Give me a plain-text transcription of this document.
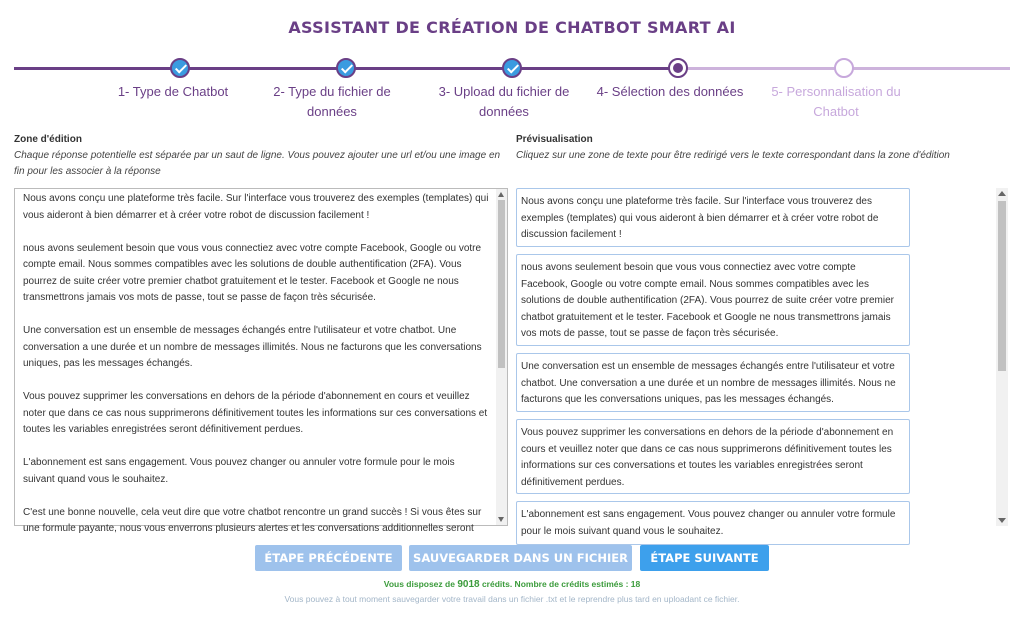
ASSISTANT DE CRÉATION DE CHATBOT SMART AI
1- Type de Chatbot	2- Type du fichier de données
3- Upload du fichier de données
4- Sélection des données	5- Personnalisation du Chatbot
Zone d'édition
Chaque réponse potentielle est séparée par un saut de ligne. Vous pouvez ajouter une url et/ou une image en fin pour les associer à la réponse
Prévisualisation
Cliquez sur une zone de texte pour être redirigé vers le texte correspondant dans la zone d'édition
Nous avons conçu une plateforme très facile. Sur l'interface vous trouverez des exemples (templates) qui vous aideront à bien démarrer et à créer votre robot de discussion facilement !

nous avons seulement besoin que vous vous connectiez avec votre compte Facebook, Google ou votre compte email. Nous sommes compatibles avec les solutions de double authentification (2FA). Vous pourrez de suite créer votre premier chatbot gratuitement et le tester. Facebook et Google ne nous transmettrons jamais vos mots de passe, tout se passe de façon très sécurisée.

Une conversation est un ensemble de messages échangés entre l'utilisateur et votre chatbot. Une conversation a une durée et un nombre de messages illimités. Nous ne facturons que les conversations uniques, pas les messages échangés.

Vous pouvez supprimer les conversations en dehors de la période d'abonnement en cours et veuillez noter que dans ce cas nous supprimerons définitivement toutes les informations sur ces conversations et toutes les variables enregistrées seront définitivement perdues.

L'abonnement est sans engagement. Vous pouvez changer ou annuler votre formule pour le mois suivant quand vous le souhaitez.

C'est une bonne nouvelle, cela veut dire que votre chatbot rencontre un grand succès ! Si vous êtes sur une formule payante, nous vous enverrons plusieurs alertes et les conversations additionnelles seront
Nous avons conçu une plateforme très facile. Sur l'interface vous trouverez des exemples (templates) qui vous aideront à bien démarrer et à créer votre robot de discussion facilement !
nous avons seulement besoin que vous vous connectiez avec votre compte Facebook, Google ou votre compte email. Nous sommes compatibles avec les solutions de double authentification (2FA). Vous pourrez de suite créer votre premier chatbot gratuitement et le tester. Facebook et Google ne nous transmettrons jamais vos mots de passe, tout se passe de façon très sécurisée.
Une conversation est un ensemble de messages échangés entre l'utilisateur et votre chatbot. Une conversation a une durée et un nombre de messages illimités. Nous ne facturons que les conversations uniques, pas les messages échangés.
Vous pouvez supprimer les conversations en dehors de la période d'abonnement en cours et veuillez noter que dans ce cas nous supprimerons définitivement toutes les informations sur ces conversations et toutes les variables enregistrées seront définitivement perdues.
L'abonnement est sans engagement. Vous pouvez changer ou annuler votre formule pour le mois suivant quand vous le souhaitez.
ÉTAPE PRÉCÉDENTE	SAUVEGARDER DANS UN FICHIER	ÉTAPE SUIVANTE
Vous disposez de 9018 crédits. Nombre de crédits estimés : 18
Vous pouvez à tout moment sauvegarder votre travail dans un fichier .txt et le reprendre plus tard en uploadant ce fichier.
